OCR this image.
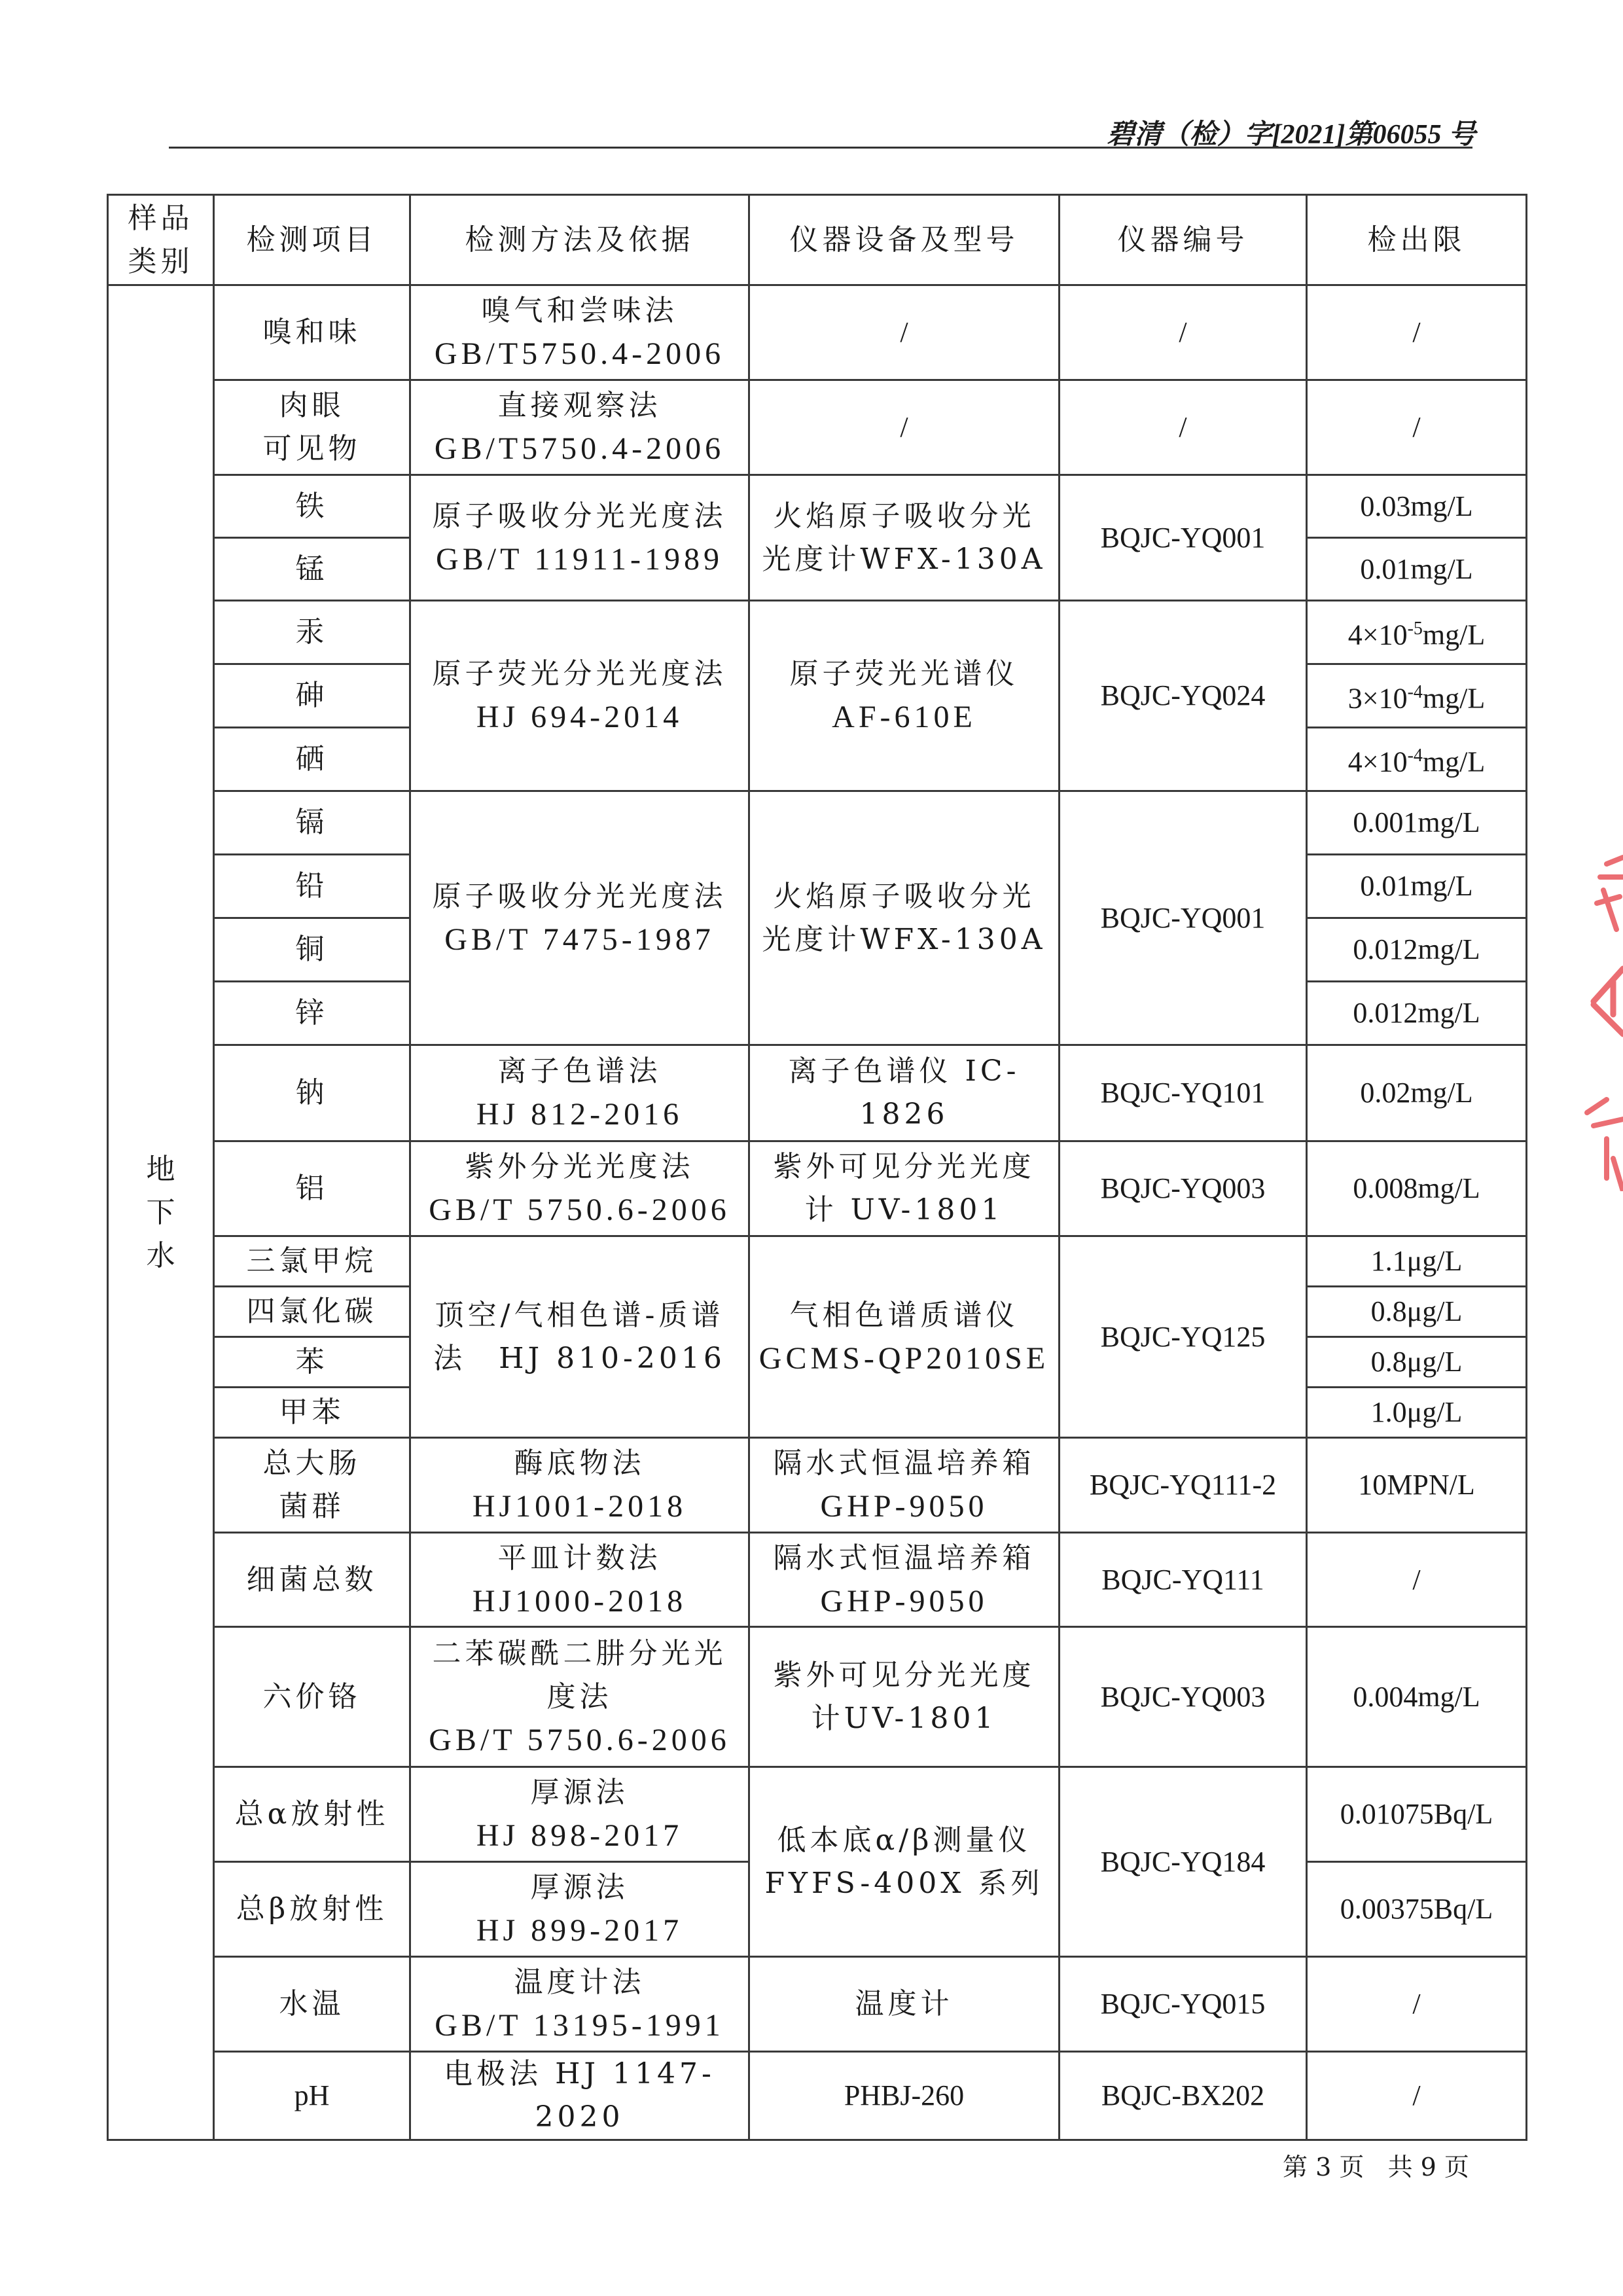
碧清（检）字[2021]第06055 号
样品
类别	检测项目	检测方法及依据	仪器设备及型号	仪器编号	检出限

地
下
水	嗅和味	嗅气和尝味法
GB/T5750.4-2006	/	/	/

	肉眼
可见物	直接观察法
GB/T5750.4-2006	/	/	/
	铁	原子吸收分光光度法
GB/T 11911-1989	火焰原子吸收分光
光度计WFX-130A	BQJC-YQ001	0.03mg/L
	锰				0.01mg/L
	汞	原子荧光分光光度法
HJ 694-2014	原子荧光光谱仪
AF-610E	BQJC-YQ024	$4\times 10^{-5}mg/L$
	砷				$3\times 10^{-4}mg/L$
	硒				$4\times 10^{-4}mg/L$
	镉	原子吸收分光光度法
GB/T 7475-1987	火焰原子吸收分光
光度计WFX-130A	BQJC-YQ001	0.001mg/L
	铅				0.01mg/L
	铜				0.012mg/L
	锌				0.012mg/L
	钠	离子色谱法
HJ 812-2016	离子色谱仪 IC-1826	BQJC-YQ101	0.02mg/L
	铝	紫外分光光度法
GB/T 5750.6-2006	紫外可见分光光度
计 UV-1801	BQJC-YQ003	0.008mg/L
	三氯甲烷	顶空/气相色谱-质谱
法　HJ 810-2016	气相色谱质谱仪
GCMS-QP2010SE	BQJC-YQ125	1.1μg/L
	四氯化碳				0.8μg/L
	苯				0.8μg/L
	甲苯				1.0μg/L

	总大肠
菌群	酶底物法
HJ1001-2018	隔水式恒温培养箱
GHP-9050	BQJC-YQ111-2	10MPN/L
	细菌总数	平皿计数法
HJ1000-2018	隔水式恒温培养箱
GHP-9050	BQJC-YQ111	/
	六价铬	二苯碳酰二肼分光光
度法
GB/T 5750.6-2006	紫外可见分光光度
计UV-1801	BQJC-YQ003	0.004mg/L
	总α放射性	厚源法
HJ 898-2017	低本底α/β测量仪
FYFS-400X 系列	BQJC-YQ184	0.01075Bq/L
	总β放射性	厚源法
HJ 899-2017			0.00375Bq/L
	水温	温度计法
GB/T 13195-1991	温度计	BQJC-YQ015	/
	pH	电极法 HJ 1147-2020	PHBJ-260	BQJC-BX202	/
第 3 页 共 9 页
